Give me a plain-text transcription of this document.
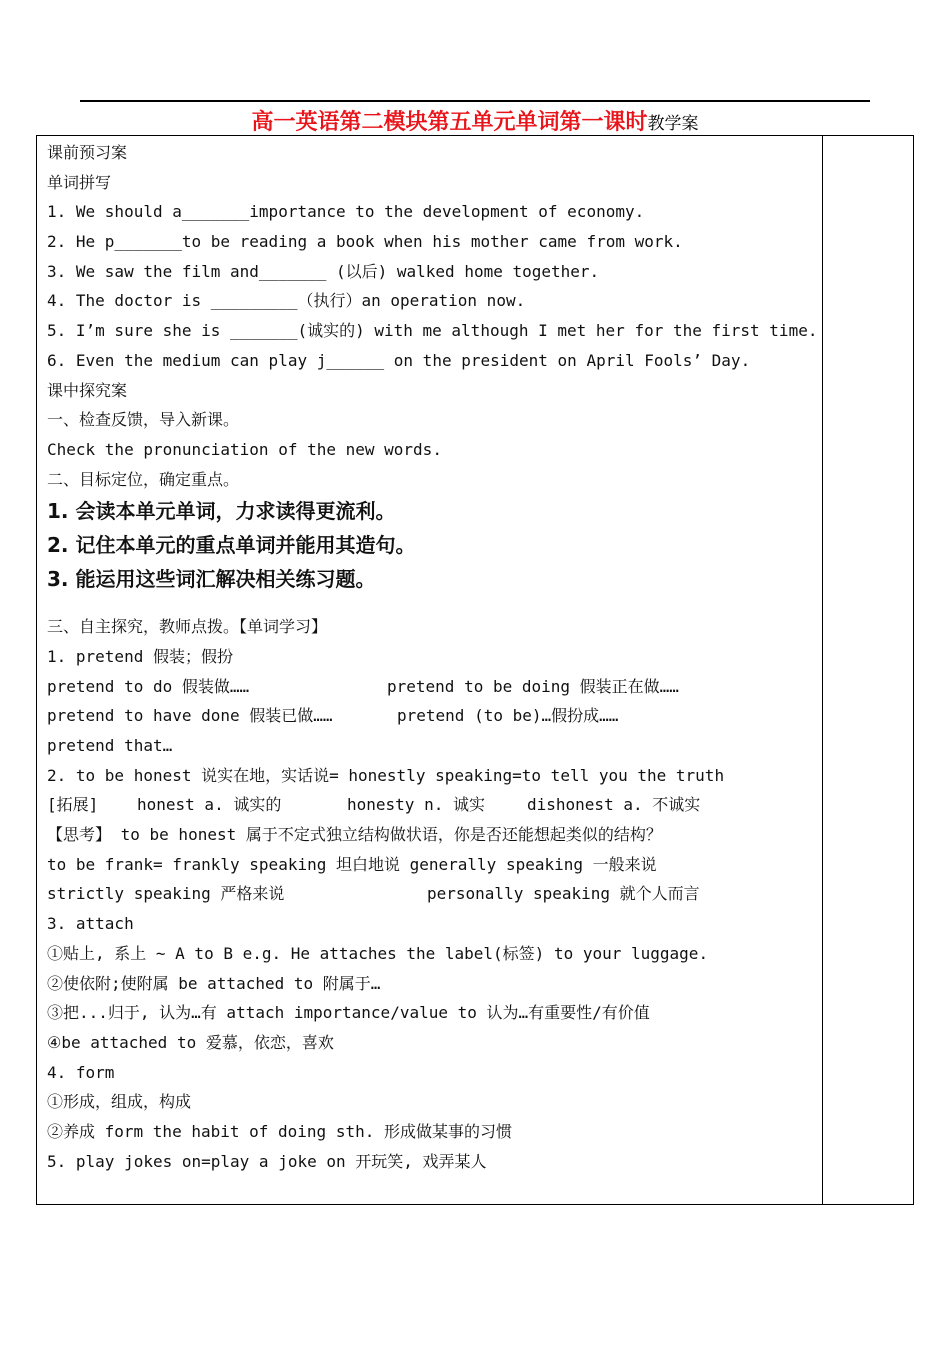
高一英语第二模块第五单元单词第一课时教学案
课前预习案
单词拼写
1. We should a_______importance to the development of economy.
2. He p_______to be reading a book when his mother came from work.
3. We saw the film and_______ (以后) walked home together.
4. The doctor is _________（执行）an operation now.
5. I’m sure she is _______(诚实的) with me although I met her for the first time.
6. Even the medium can play j______ on the president on April Fools’ Day.
课中探究案
一、检查反馈，导入新课。
Check the pronunciation of the new words.
二、目标定位，确定重点。
1. 会读本单元单词，力求读得更流利。
2. 记住本单元的重点单词并能用其造句。
3. 能运用这些词汇解决相关练习题。
三、自主探究，教师点拨。【单词学习】
1. pretend 假装；假扮
pretend to do 假装做……	pretend to be doing 假装正在做……
pretend to have done 假装已做……	pretend (to be)…假扮成……
pretend that…
2. to be honest 说实在地，实话说= honestly speaking=to tell you the truth
[拓展] honest a. 诚实的	honesty n. 诚实	dishonest a. 不诚实
【思考】 to be honest 属于不定式独立结构做状语，你是否还能想起类似的结构？
to be frank= frankly speaking 坦白地说 generally speaking 一般来说
strictly speaking 严格来说	personally speaking 就个人而言
3. attach
①贴上, 系上 ~ A to B e.g. He attaches the label(标签) to your luggage.
②使依附;使附属 be attached to 附属于…
③把...归于, 认为…有 attach importance/value to 认为…有重要性/有价值
④be attached to 爱慕，依恋，喜欢
4. form
①形成，组成，构成
②养成 form the habit of doing sth. 形成做某事的习惯
5. play jokes on=play a joke on 开玩笑, 戏弄某人
